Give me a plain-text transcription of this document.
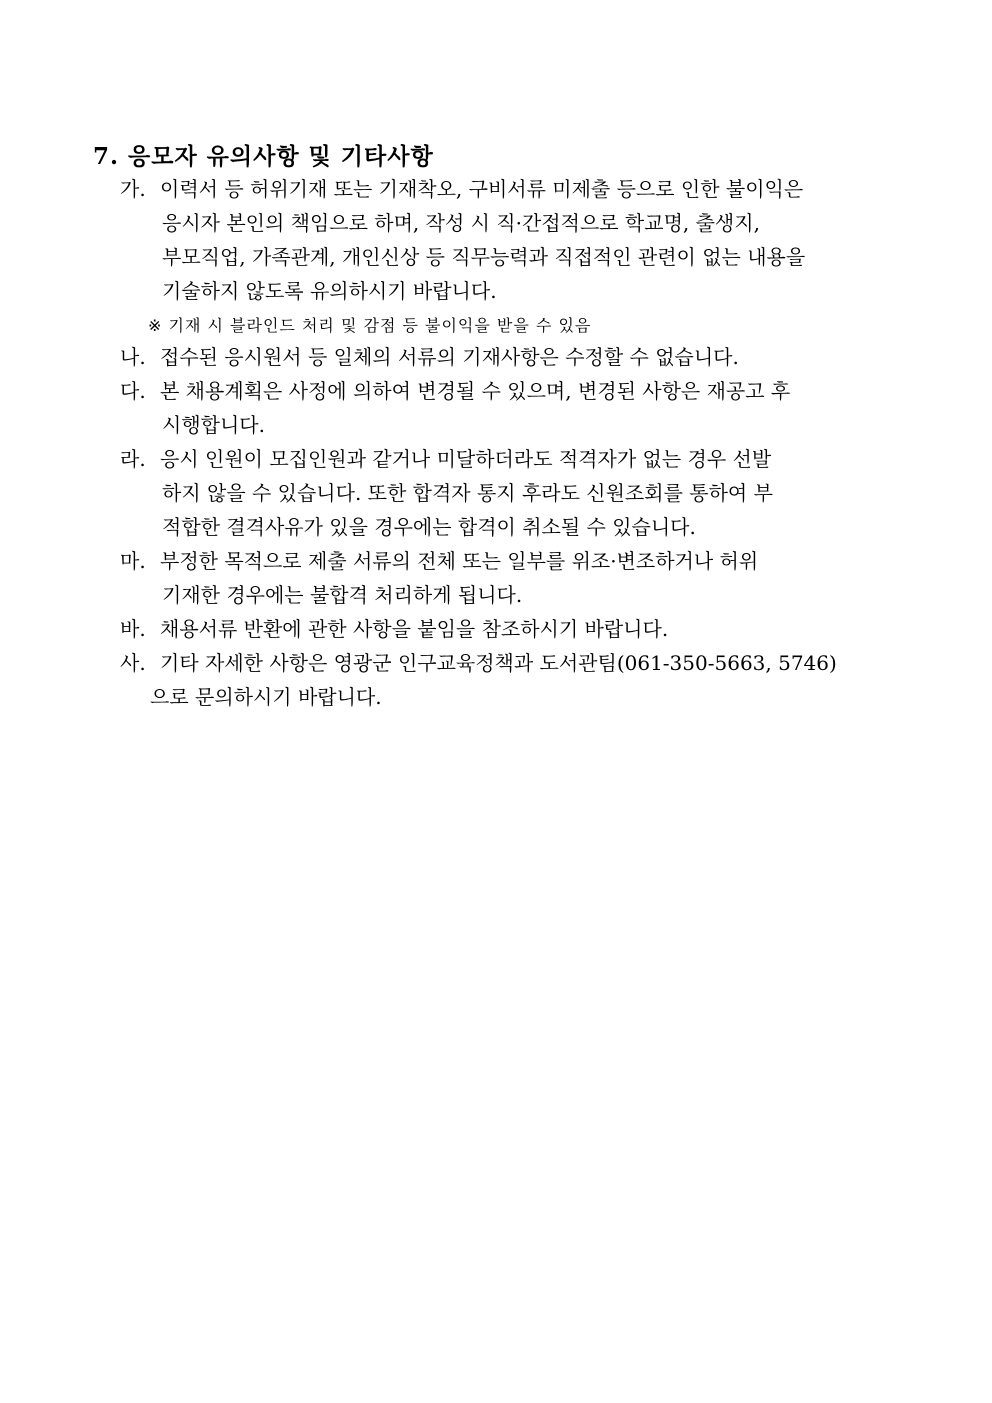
7. 응모자 유의사항 및 기타사항
가. 이력서 등 허위기재 또는 기재착오, 구비서류 미제출 등으로 인한 불이익은
응시자 본인의 책임으로 하며, 작성 시 직·간접적으로 학교명, 출생지,
부모직업, 가족관계, 개인신상 등 직무능력과 직접적인 관련이 없는 내용을
기술하지 않도록 유의하시기 바랍니다.
※ 기재 시 블라인드 처리 및 감점 등 불이익을 받을 수 있음
나. 접수된 응시원서 등 일체의 서류의 기재사항은 수정할 수 없습니다.
다. 본 채용계획은 사정에 의하여 변경될 수 있으며, 변경된 사항은 재공고 후
시행합니다.
라. 응시 인원이 모집인원과 같거나 미달하더라도 적격자가 없는 경우 선발
하지 않을 수 있습니다. 또한 합격자 통지 후라도 신원조회를 통하여 부
적합한 결격사유가 있을 경우에는 합격이 취소될 수 있습니다.
마. 부정한 목적으로 제출 서류의 전체 또는 일부를 위조·변조하거나 허위
기재한 경우에는 불합격 처리하게 됩니다.
바. 채용서류 반환에 관한 사항을 붙임을 참조하시기 바랍니다.
사. 기타 자세한 사항은 영광군 인구교육정책과 도서관팀(061-350-5663, 5746)
으로 문의하시기 바랍니다.
